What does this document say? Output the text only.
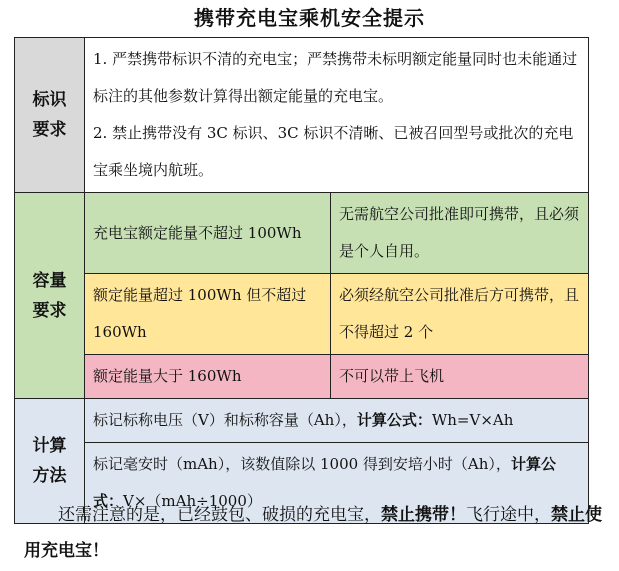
携带充电宝乘机安全提示
标识
要求	1. 严禁携带标识不清的充电宝；严禁携带未标明额定能量同时也未能通过标注的其他参数计算得出额定能量的充电宝。
2. 禁止携带没有 3C 标识、3C 标识不清晰、已被召回型号或批次的充电宝乘坐境内航班。	

容量
要求	充电宝额定能量不超过 100Wh	无需航空公司批准即可携带，且必须是个人自用。
	额定能量超过 100Wh 但不超过 160Wh	必须经航空公司批准后方可携带，且不得超过 2 个
	额定能量大于 160Wh	不可以带上飞机

计算
方法	标记标称电压（V）和标称容量（Ah），计算公式：Wh=V×Ah	
	标记毫安时（mAh），该数值除以 1000 得到安培小时（Ah），计算公式：V×（mAh÷1000）	
还需注意的是，已经鼓包、破损的充电宝，禁止携带！飞行途中，禁止使用充电宝！
